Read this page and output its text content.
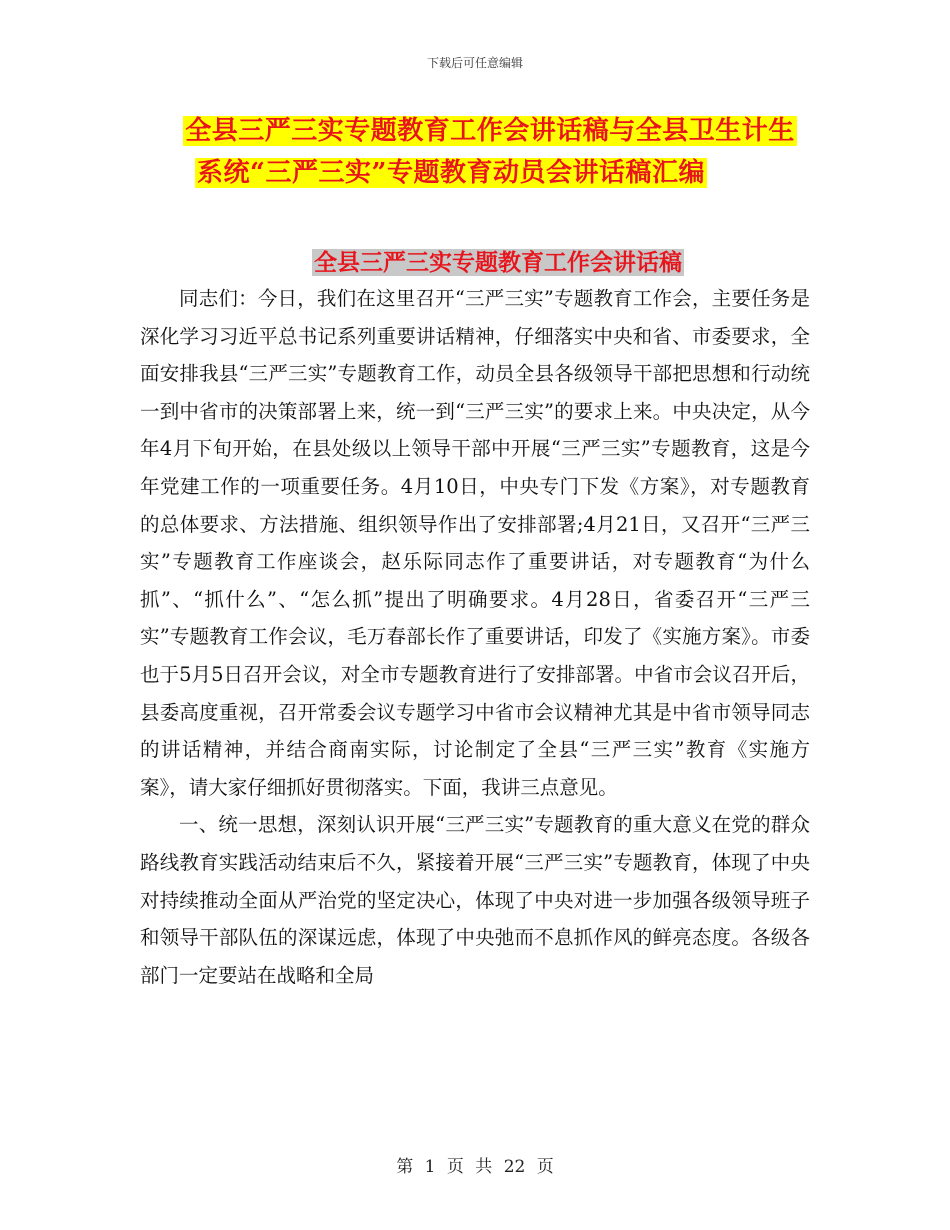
下载后可任意编辑
全县三严三实专题教育工作会讲话稿与全县卫生计生
系统“三严三实”专题教育动员会讲话稿汇编
全县三严三实专题教育工作会讲话稿

同志们：今日，我们在这里召开“三严三实”专题教育工作会，主要任务是深化学习习近平总书记系列重要讲话精神，仔细落实中央和省、市委要求，全面安排我县“三严三实”专题教育工作，动员全县各级领导干部把思想和行动统一到中省市的决策部署上来，统一到“三严三实”的要求上来。中央决定，从今年4月下旬开始，在县处级以上领导干部中开展“三严三实”专题教育，这是今年党建工作的一项重要任务。4月10日，中央专门下发《方案》，对专题教育的总体要求、方法措施、组织领导作出了安排部署;4月21日，又召开“三严三实”专题教育工作座谈会，赵乐际同志作了重要讲话，对专题教育“为什么抓”、“抓什么”、“怎么抓”提出了明确要求。4月28日，省委召开“三严三实”专题教育工作会议，毛万春部长作了重要讲话，印发了《实施方案》。市委也于5月5日召开会议，对全市专题教育进行了安排部署。中省市会议召开后，县委高度重视，召开常委会议专题学习中省市会议精神尤其是中省市领导同志的讲话精神，并结合商南实际，讨论制定了全县“三严三实”教育《实施方案》，请大家仔细抓好贯彻落实。下面，我讲三点意见。

一、统一思想，深刻认识开展“三严三实”专题教育的重大意义在党的群众路线教育实践活动结束后不久，紧接着开展“三严三实”专题教育，体现了中央对持续推动全面从严治党的坚定决心，体现了中央对进一步加强各级领导班子和领导干部队伍的深谋远虑，体现了中央弛而不息抓作风的鲜亮态度。各级各部门一定要站在战略和全局

第 1 页 共 22 页
